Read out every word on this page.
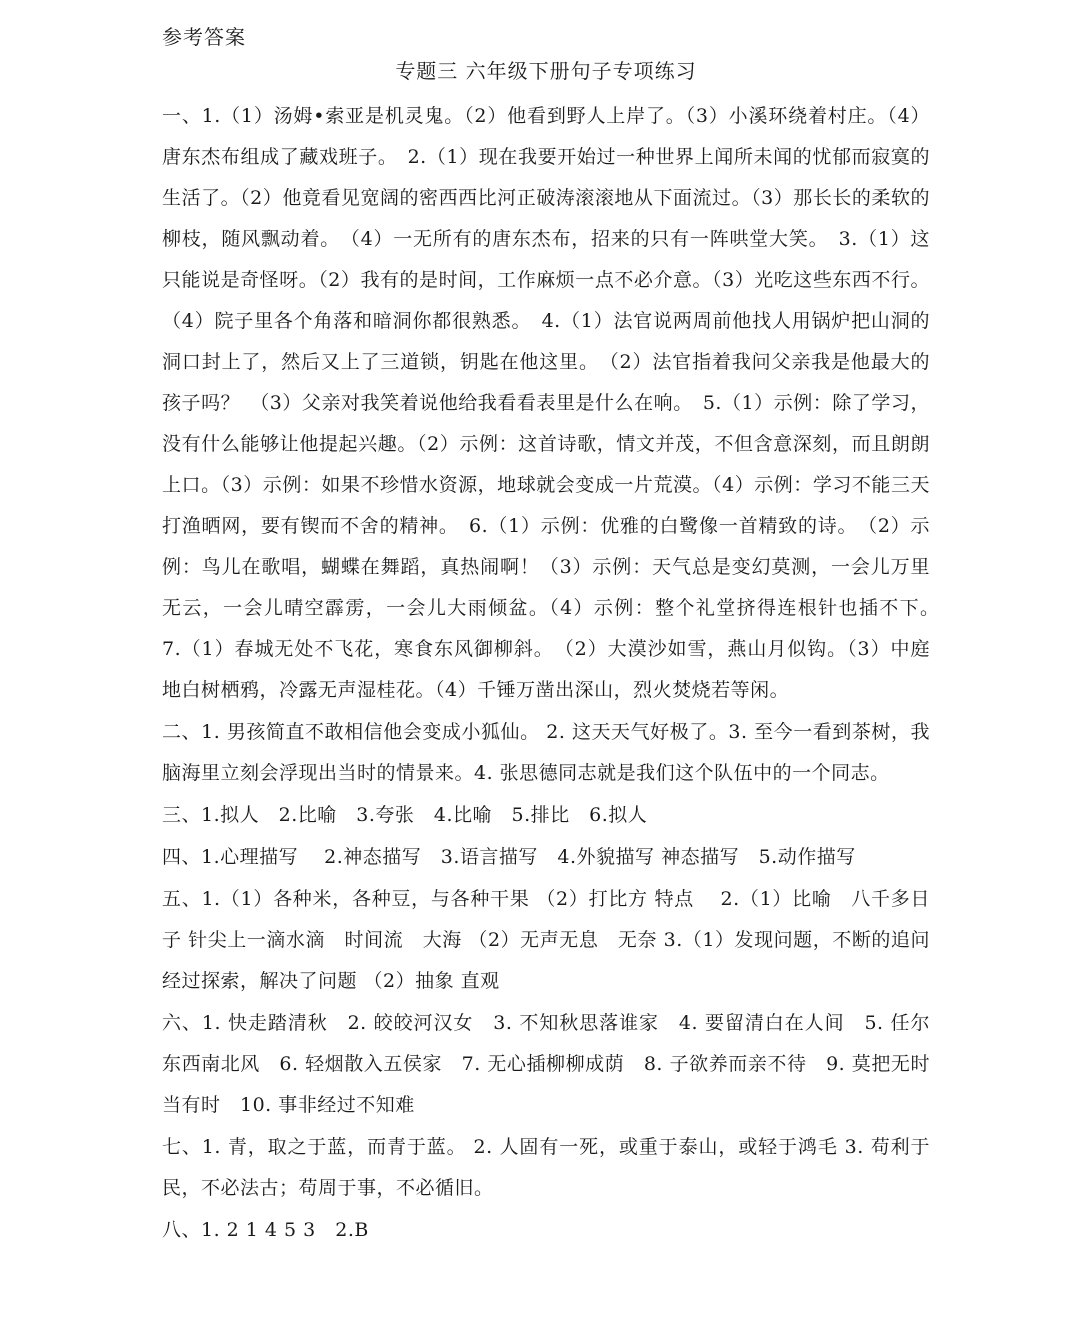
参考答案
专题三 六年级下册句子专项练习

一、1.（1）汤姆•索亚是机灵鬼。（2）他看到野人上岸了。（3）小溪环绕着村庄。（4）唐东杰布组成了藏戏班子。　2.（1）现在我要开始过一种世界上闻所未闻的忧郁而寂寞的生活了。（2）他竟看见宽阔的密西西比河正破涛滚滚地从下面流过。（3）那长长的柔软的柳枝，随风飘动着。　（4）一无所有的唐东杰布，招来的只有一阵哄堂大笑。　3.（1）这只能说是奇怪呀。（2）我有的是时间，工作麻烦一点不必介意。（3）光吃这些东西不行。（4）院子里各个角落和暗洞你都很熟悉。　4.（1）法官说两周前他找人用锅炉把山洞的洞口封上了，然后又上了三道锁，钥匙在他这里。　（2）法官指着我问父亲我是他最大的孩子吗？　（3）父亲对我笑着说他给我看看表里是什么在响。　5.（1）示例：除了学习，没有什么能够让他提起兴趣。（2）示例：这首诗歌，情文并茂，不但含意深刻，而且朗朗上口。（3）示例：如果不珍惜水资源，地球就会变成一片荒漠。（4）示例：学习不能三天打渔晒网，要有锲而不舍的精神。　6.（1）示例：优雅的白鹭像一首精致的诗。　（2）示例：鸟儿在歌唱，蝴蝶在舞蹈，真热闹啊！（3）示例：天气总是变幻莫测，一会儿万里无云，一会儿晴空霹雳，一会儿大雨倾盆。（4）示例：整个礼堂挤得连根针也插不下。　7.（1）春城无处不飞花，寒食东风御柳斜。　（2）大漠沙如雪，燕山月似钩。（3）中庭地白树栖鸦，冷露无声湿桂花。（4）千锤万凿出深山，烈火焚烧若等闲。

二、1. 男孩简直不敢相信他会变成小狐仙。 2. 这天天气好极了。3. 至今一看到茶树，我脑海里立刻会浮现出当时的情景来。4. 张思德同志就是我们这个队伍中的一个同志。

三、1.拟人　2.比喻　3.夸张　4.比喻　5.排比　6.拟人

四、1.心理描写　 2.神态描写　3.语言描写　4.外貌描写 神态描写　5.动作描写

五、1.（1）各种米，各种豆，与各种干果 （2）打比方 特点　 2.（1）比喻　八千多日子 针尖上一滴水滴　时间流　大海 （2）无声无息　无奈 3.（1）发现问题，不断的追问　 经过探索，解决了问题 （2）抽象 直观

六、1. 快走踏清秋　2. 皎皎河汉女　3. 不知秋思落谁家　4. 要留清白在人间　5. 任尔东西南北风　6. 轻烟散入五侯家　7. 无心插柳柳成荫　8. 子欲养而亲不待　9. 莫把无时当有时　10. 事非经过不知难

七、1. 青，取之于蓝，而青于蓝。 2. 人固有一死，或重于泰山，或轻于鸿毛 3. 苟利于民，不必法古；苟周于事，不必循旧。

八、1. 2 1 4 5 3　2.B
